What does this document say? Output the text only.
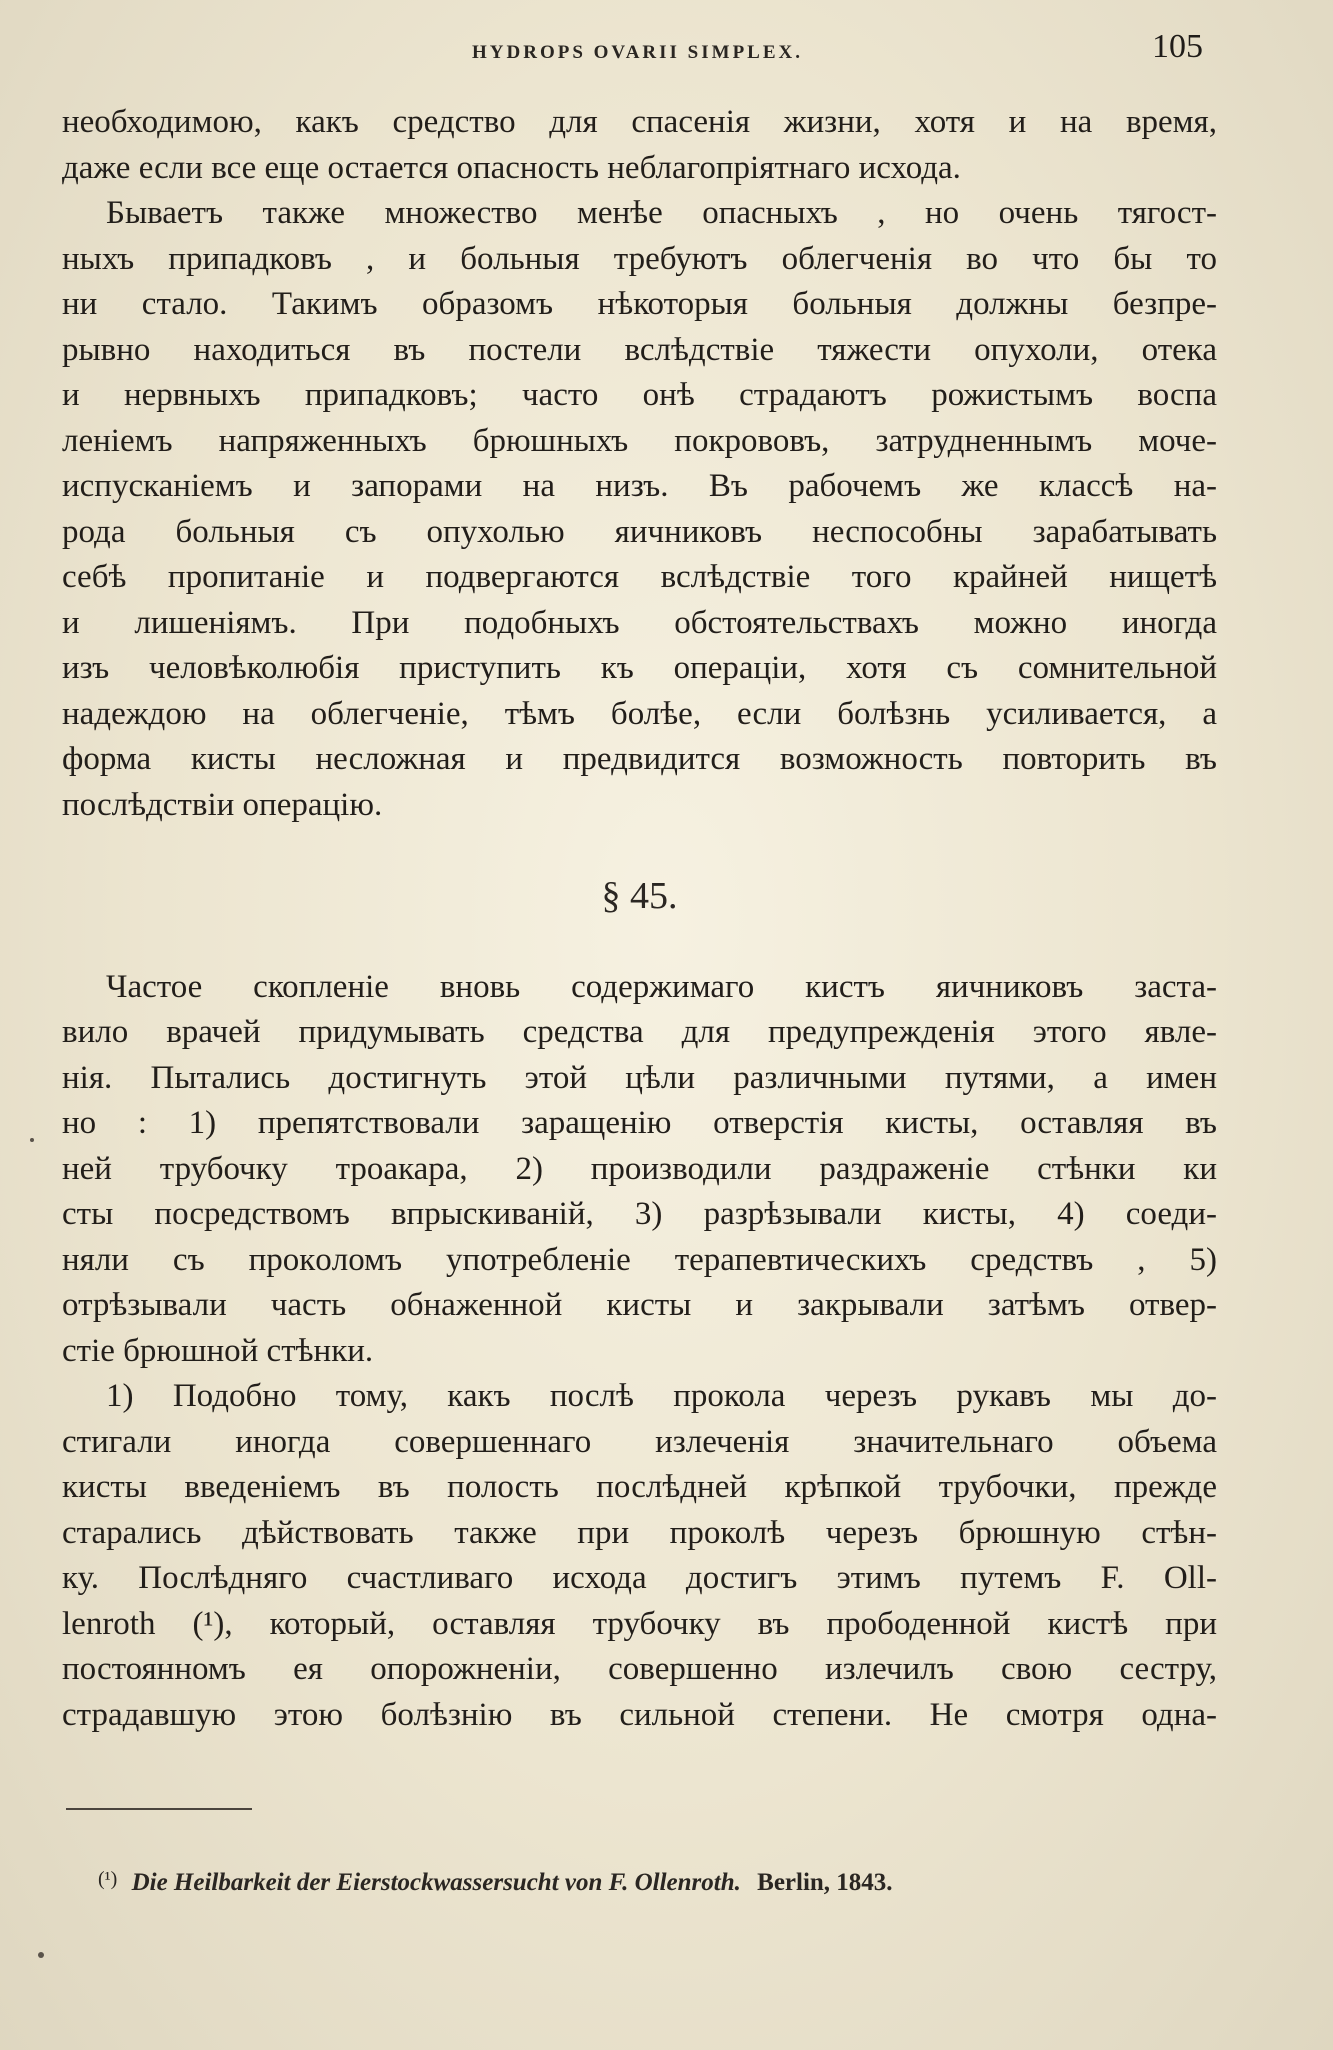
HYDROPS OVARII SIMPLEX.	105
необходимою, какъ средство для спасенія жизни, хотя и на время,
даже если все еще остается опасность неблагопріятнаго исхода.
Бываетъ также множество менѣе опасныхъ , но очень тягост-
ныхъ припадковъ , и больныя требуютъ облегченія во что бы то
ни стало. Такимъ образомъ нѣкоторыя больныя должны безпре-
рывно находиться въ постели вслѣдствіе тяжести опухоли, отека
и нервныхъ припадковъ; часто онѣ страдаютъ рожистымъ воспа
леніемъ напряженныхъ брюшныхъ покрововъ, затрудненнымъ моче-
испусканіемъ и запорами на низъ. Въ рабочемъ же классѣ на-
рода больныя съ опухолью яичниковъ неспособны зарабатывать
себѣ пропитаніе и подвергаются вслѣдствіе того крайней нищетѣ
и лишеніямъ. При подобныхъ обстоятельствахъ можно иногда
изъ человѣколюбія приступить къ операціи, хотя съ сомнительной
надеждою на облегченіе, тѣмъ болѣе, если болѣзнь усиливается, а
форма кисты несложная и предвидится возможность повторить въ
послѣдствіи операцію.
§ 45.
Частое скопленіе вновь содержимаго кистъ яичниковъ заста-
вило врачей придумывать средства для предупрежденія этого явле-
нія. Пытались достигнуть этой цѣли различными путями, а имен
но : 1) препятствовали заращенію отверстія кисты, оставляя въ
ней трубочку троакара, 2) производили раздраженіе стѣнки ки
сты посредствомъ впрыскиваній, 3) разрѣзывали кисты, 4) соеди-
няли съ прокoломъ употребленіе терапевтическихъ средствъ , 5)
отрѣзывали часть обнаженной кисты и закрывали затѣмъ отвер-
стіе брюшной стѣнки.
1) Подобно тому, какъ послѣ прокола черезъ рукавъ мы до-
стигали иногда совершеннаго излеченія значительнаго объема
кисты введеніемъ въ полость послѣдней крѣпкой трубочки, прежде
старались дѣйствовать также при проколѣ черезъ брюшную стѣн-
ку. Послѣдняго счастливаго исхода достигъ этимъ путемъ F. Oll-
lenroth (¹), который, оставляя трубочку въ прободенной кистѣ при
постоянномъ ея опорожненіи, совершенно излечилъ свою сестру,
страдавшую этою болѣзнію въ сильной степени. Не смотря одна-
$^{(^1)}$ Die Heilbarkeit der Eierstockwassersucht von F. Ollenroth. Berlin, 1843.
